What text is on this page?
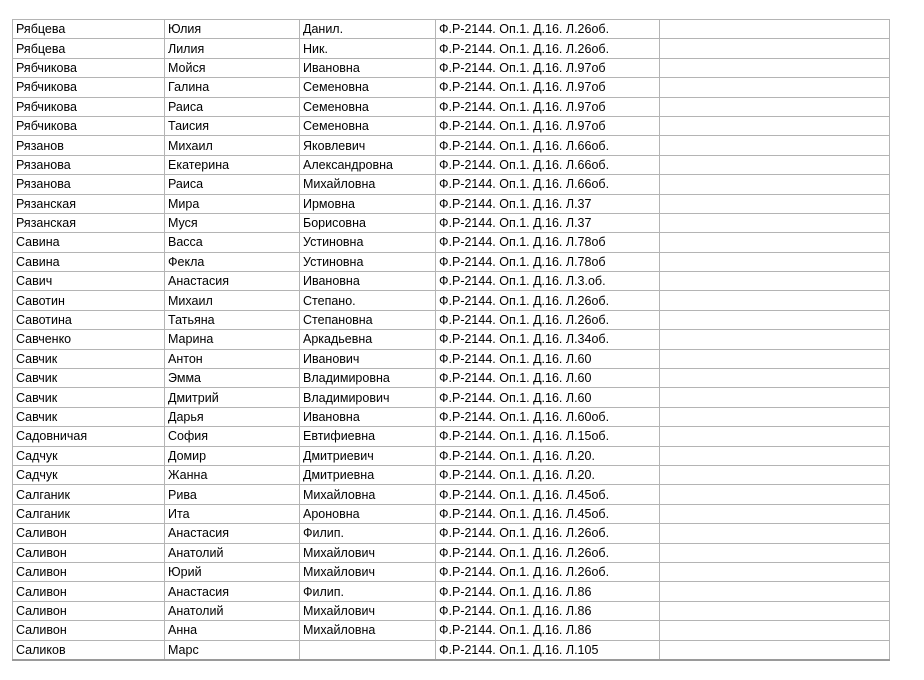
Рябцева	Юлия	Данил.	Ф.Р-2144. Оп.1. Д.16. Л.26об.	
Рябцева	Лилия	Ник.	Ф.Р-2144. Оп.1. Д.16. Л.26об.	
Рябчикова	Мойся	Ивановна	Ф.Р-2144. Оп.1. Д.16. Л.97об	
Рябчикова	Галина	Семеновна	Ф.Р-2144. Оп.1. Д.16. Л.97об	
Рябчикова	Раиса	Семеновна	Ф.Р-2144. Оп.1. Д.16. Л.97об	
Рябчикова	Таисия	Семеновна	Ф.Р-2144. Оп.1. Д.16. Л.97об	
Рязанов	Михаил	Яковлевич	Ф.Р-2144. Оп.1. Д.16. Л.66об.	
Рязанова	Екатерина	Александровна	Ф.Р-2144. Оп.1. Д.16. Л.66об.	
Рязанова	Раиса	Михайловна	Ф.Р-2144. Оп.1. Д.16. Л.66об.	
Рязанская	Мира	Ирмовна	Ф.Р-2144. Оп.1. Д.16. Л.37	
Рязанская	Муся	Борисовна	Ф.Р-2144. Оп.1. Д.16. Л.37	
Савина	Васса	Устиновна	Ф.Р-2144. Оп.1. Д.16. Л.78об	
Савина	Фекла	Устиновна	Ф.Р-2144. Оп.1. Д.16. Л.78об	
Савич	Анастасия	Ивановна	Ф.Р-2144. Оп.1. Д.16. Л.3.об.	
Савотин	Михаил	Степано.	Ф.Р-2144. Оп.1. Д.16. Л.26об.	
Савотина	Татьяна	Степановна	Ф.Р-2144. Оп.1. Д.16. Л.26об.	
Савченко	Марина	Аркадьевна	Ф.Р-2144. Оп.1. Д.16. Л.34об.	
Савчик	Антон	Иванович	Ф.Р-2144. Оп.1. Д.16. Л.60	
Савчик	Эмма	Владимировна	Ф.Р-2144. Оп.1. Д.16. Л.60	
Савчик	Дмитрий	Владимирович	Ф.Р-2144. Оп.1. Д.16. Л.60	
Савчик	Дарья	Ивановна	Ф.Р-2144. Оп.1. Д.16. Л.60об.	
Садовничая	София	Евтифиевна	Ф.Р-2144. Оп.1. Д.16. Л.15об.	
Садчук	Домир	Дмитриевич	Ф.Р-2144. Оп.1. Д.16. Л.20.	
Садчук	Жанна	Дмитриевна	Ф.Р-2144. Оп.1. Д.16. Л.20.	
Салганик	Рива	Михайловна	Ф.Р-2144. Оп.1. Д.16. Л.45об.	
Салганик	Ита	Ароновна	Ф.Р-2144. Оп.1. Д.16. Л.45об.	
Саливон	Анастасия	Филип.	Ф.Р-2144. Оп.1. Д.16. Л.26об.	
Саливон	Анатолий	Михайлович	Ф.Р-2144. Оп.1. Д.16. Л.26об.	
Саливон	Юрий	Михайлович	Ф.Р-2144. Оп.1. Д.16. Л.26об.	
Саливон	Анастасия	Филип.	Ф.Р-2144. Оп.1. Д.16. Л.86	
Саливон	Анатолий	Михайлович	Ф.Р-2144. Оп.1. Д.16. Л.86	
Саливон	Анна	Михайловна	Ф.Р-2144. Оп.1. Д.16. Л.86	
Саликов	Марс		Ф.Р-2144. Оп.1. Д.16. Л.105	
